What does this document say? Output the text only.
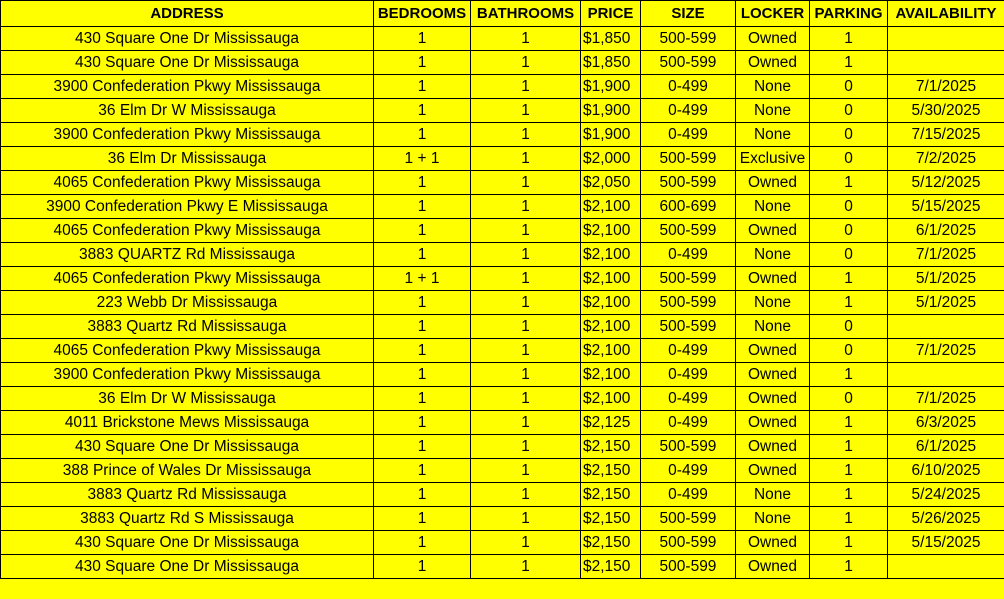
ADDRESS	BEDROOMS	BATHROOMS	PRICE	SIZE	LOCKER	PARKING	AVAILABILITY
430 Square One Dr Mississauga	1	1	$1,850	500-599	Owned	1	
430 Square One Dr Mississauga	1	1	$1,850	500-599	Owned	1	
3900 Confederation Pkwy Mississauga	1	1	$1,900	0-499	None	0	7/1/2025
36 Elm Dr W Mississauga	1	1	$1,900	0-499	None	0	5/30/2025
3900 Confederation Pkwy Mississauga	1	1	$1,900	0-499	None	0	7/15/2025
36 Elm Dr Mississauga	1 + 1	1	$2,000	500-599	Exclusive	0	7/2/2025
4065 Confederation Pkwy Mississauga	1	1	$2,050	500-599	Owned	1	5/12/2025
3900 Confederation Pkwy E Mississauga	1	1	$2,100	600-699	None	0	5/15/2025
4065 Confederation Pkwy Mississauga	1	1	$2,100	500-599	Owned	0	6/1/2025
3883 QUARTZ Rd Mississauga	1	1	$2,100	0-499	None	0	7/1/2025
4065 Confederation Pkwy Mississauga	1 + 1	1	$2,100	500-599	Owned	1	5/1/2025
223 Webb Dr Mississauga	1	1	$2,100	500-599	None	1	5/1/2025
3883 Quartz Rd Mississauga	1	1	$2,100	500-599	None	0	
4065 Confederation Pkwy Mississauga	1	1	$2,100	0-499	Owned	0	7/1/2025
3900 Confederation Pkwy Mississauga	1	1	$2,100	0-499	Owned	1	
36 Elm Dr W Mississauga	1	1	$2,100	0-499	Owned	0	7/1/2025
4011 Brickstone Mews Mississauga	1	1	$2,125	0-499	Owned	1	6/3/2025
430 Square One Dr Mississauga	1	1	$2,150	500-599	Owned	1	6/1/2025
388 Prince of Wales Dr Mississauga	1	1	$2,150	0-499	Owned	1	6/10/2025
3883 Quartz Rd Mississauga	1	1	$2,150	0-499	None	1	5/24/2025
3883 Quartz Rd S Mississauga	1	1	$2,150	500-599	None	1	5/26/2025
430 Square One Dr Mississauga	1	1	$2,150	500-599	Owned	1	5/15/2025
430 Square One Dr Mississauga	1	1	$2,150	500-599	Owned	1	
